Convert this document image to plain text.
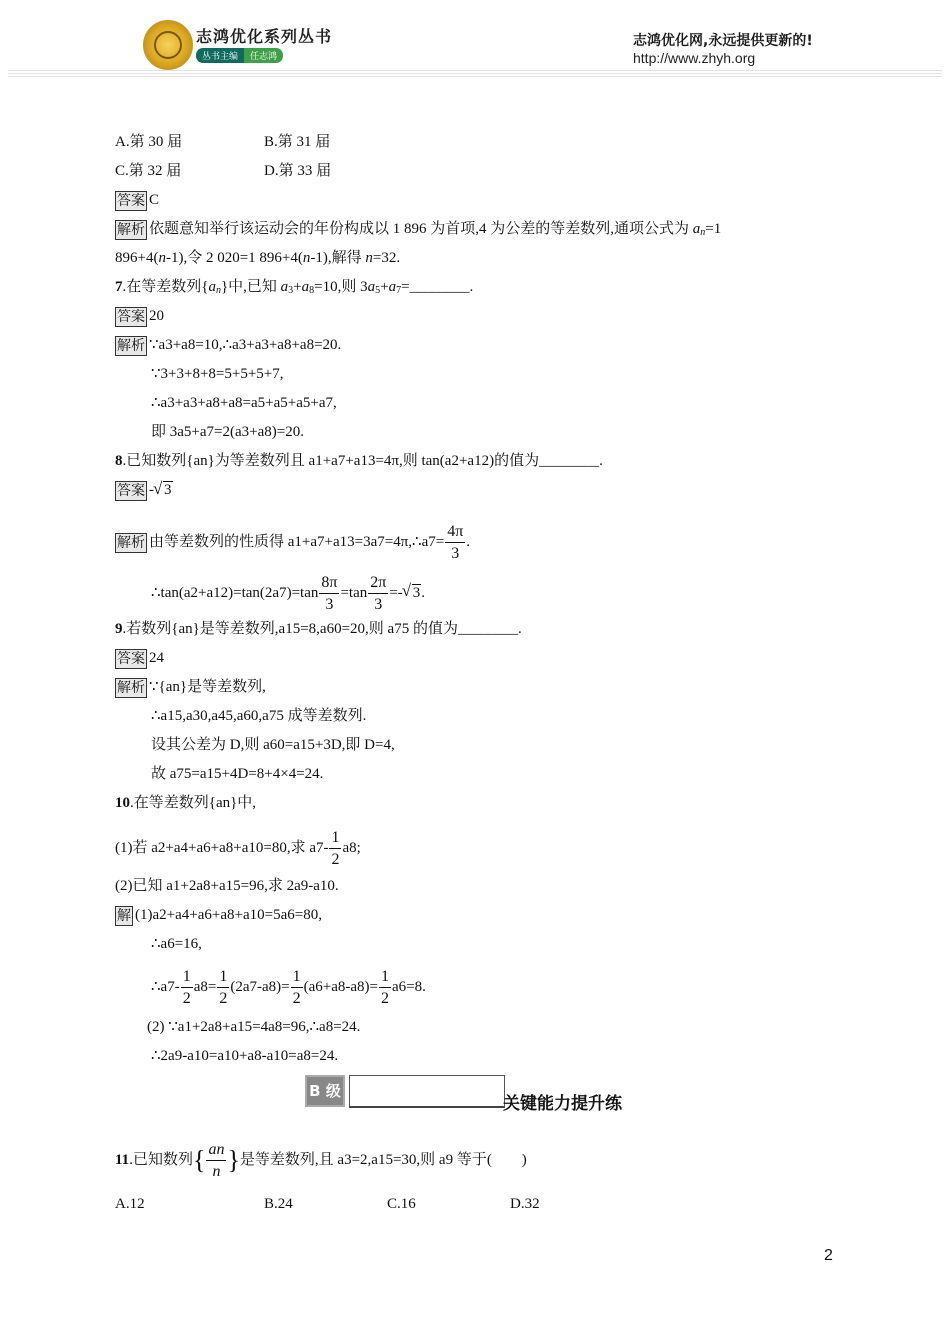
志鸿优化系列丛书
丛书主编 任志鸿
志鸿优化网,永远提供更新的!
http://www.zhyh.org
A.第 30 届	B.第 31 届
C.第 32 届	D.第 33 届
答案 C
解析 依题意知举行该运动会的年份构成以 1 896 为首项,4 为公差的等差数列,通项公式为 $a_n=1$
896+4(n-1),令 2 020=1 896+4(n-1),解得 n=32.
7.在等差数列$\{a_n\}$中,已知 $a_3+a_8=10$,则 $3a_5+a_7=\_\_\_\_\_\_\_\_$.
答案 20
解析 ∵a3+a8=10,∴a3+a3+a8+a8=20.
∵3+3+8+8=5+5+5+7,
∴a3+a3+a8+a8=a5+a5+a5+a7,
即 3a5+a7=2(a3+a8)=20.
8.已知数列{an}为等差数列且 a1+a7+a13=4π,则 tan(a2+a12)的值为________.
答案 - √ 3
解析 由等差数列的性质得 a1+a7+a13=3a7=4π,∴a7= $\frac{4\pi}{3}$ .
∴tan(a2+a12)=tan(2a7)=tan $\frac{8\pi}{3} =\tan \frac{2\pi}{3}$ =- √ 3.
9.若数列{an}是等差数列,a15=8,a60=20,则 a75 的值为________.
答案 24
解析 ∵{an}是等差数列,
∴a15,a30,a45,a60,a75 成等差数列.
设其公差为 D,则 a60=a15+3D,即 D=4,
故 a75=a15+4D=8+4×4=24.
10.在等差数列{an}中,
(1)若 a2+a4+a6+a8+a10=80,求 $a7- \frac{1}{2} a8$;
(2)已知 a1+2a8+a15=96,求 2a9-a10.
解 (1)a2+a4+a6+a8+a10=5a6=80,
∴a6=16,
∴a7- $\frac{1}{2} a8= \frac{1}{2} (2a7-a8)= \frac{1}{2} (a6+a8-a8)= \frac{1}{2} a6=8$.
(2) ∵a1+2a8+a15=4a8=96,∴a8=24.
∴2a9-a10=a10+a8-a10=a8=24.
B 级
关键能力提升练
11.已知数列{ $\frac{an}{n}$ }是等差数列,且 a3=2,a15=30,则 a9 等于(　　)
A.12	B.24	C.16	D.32
2
